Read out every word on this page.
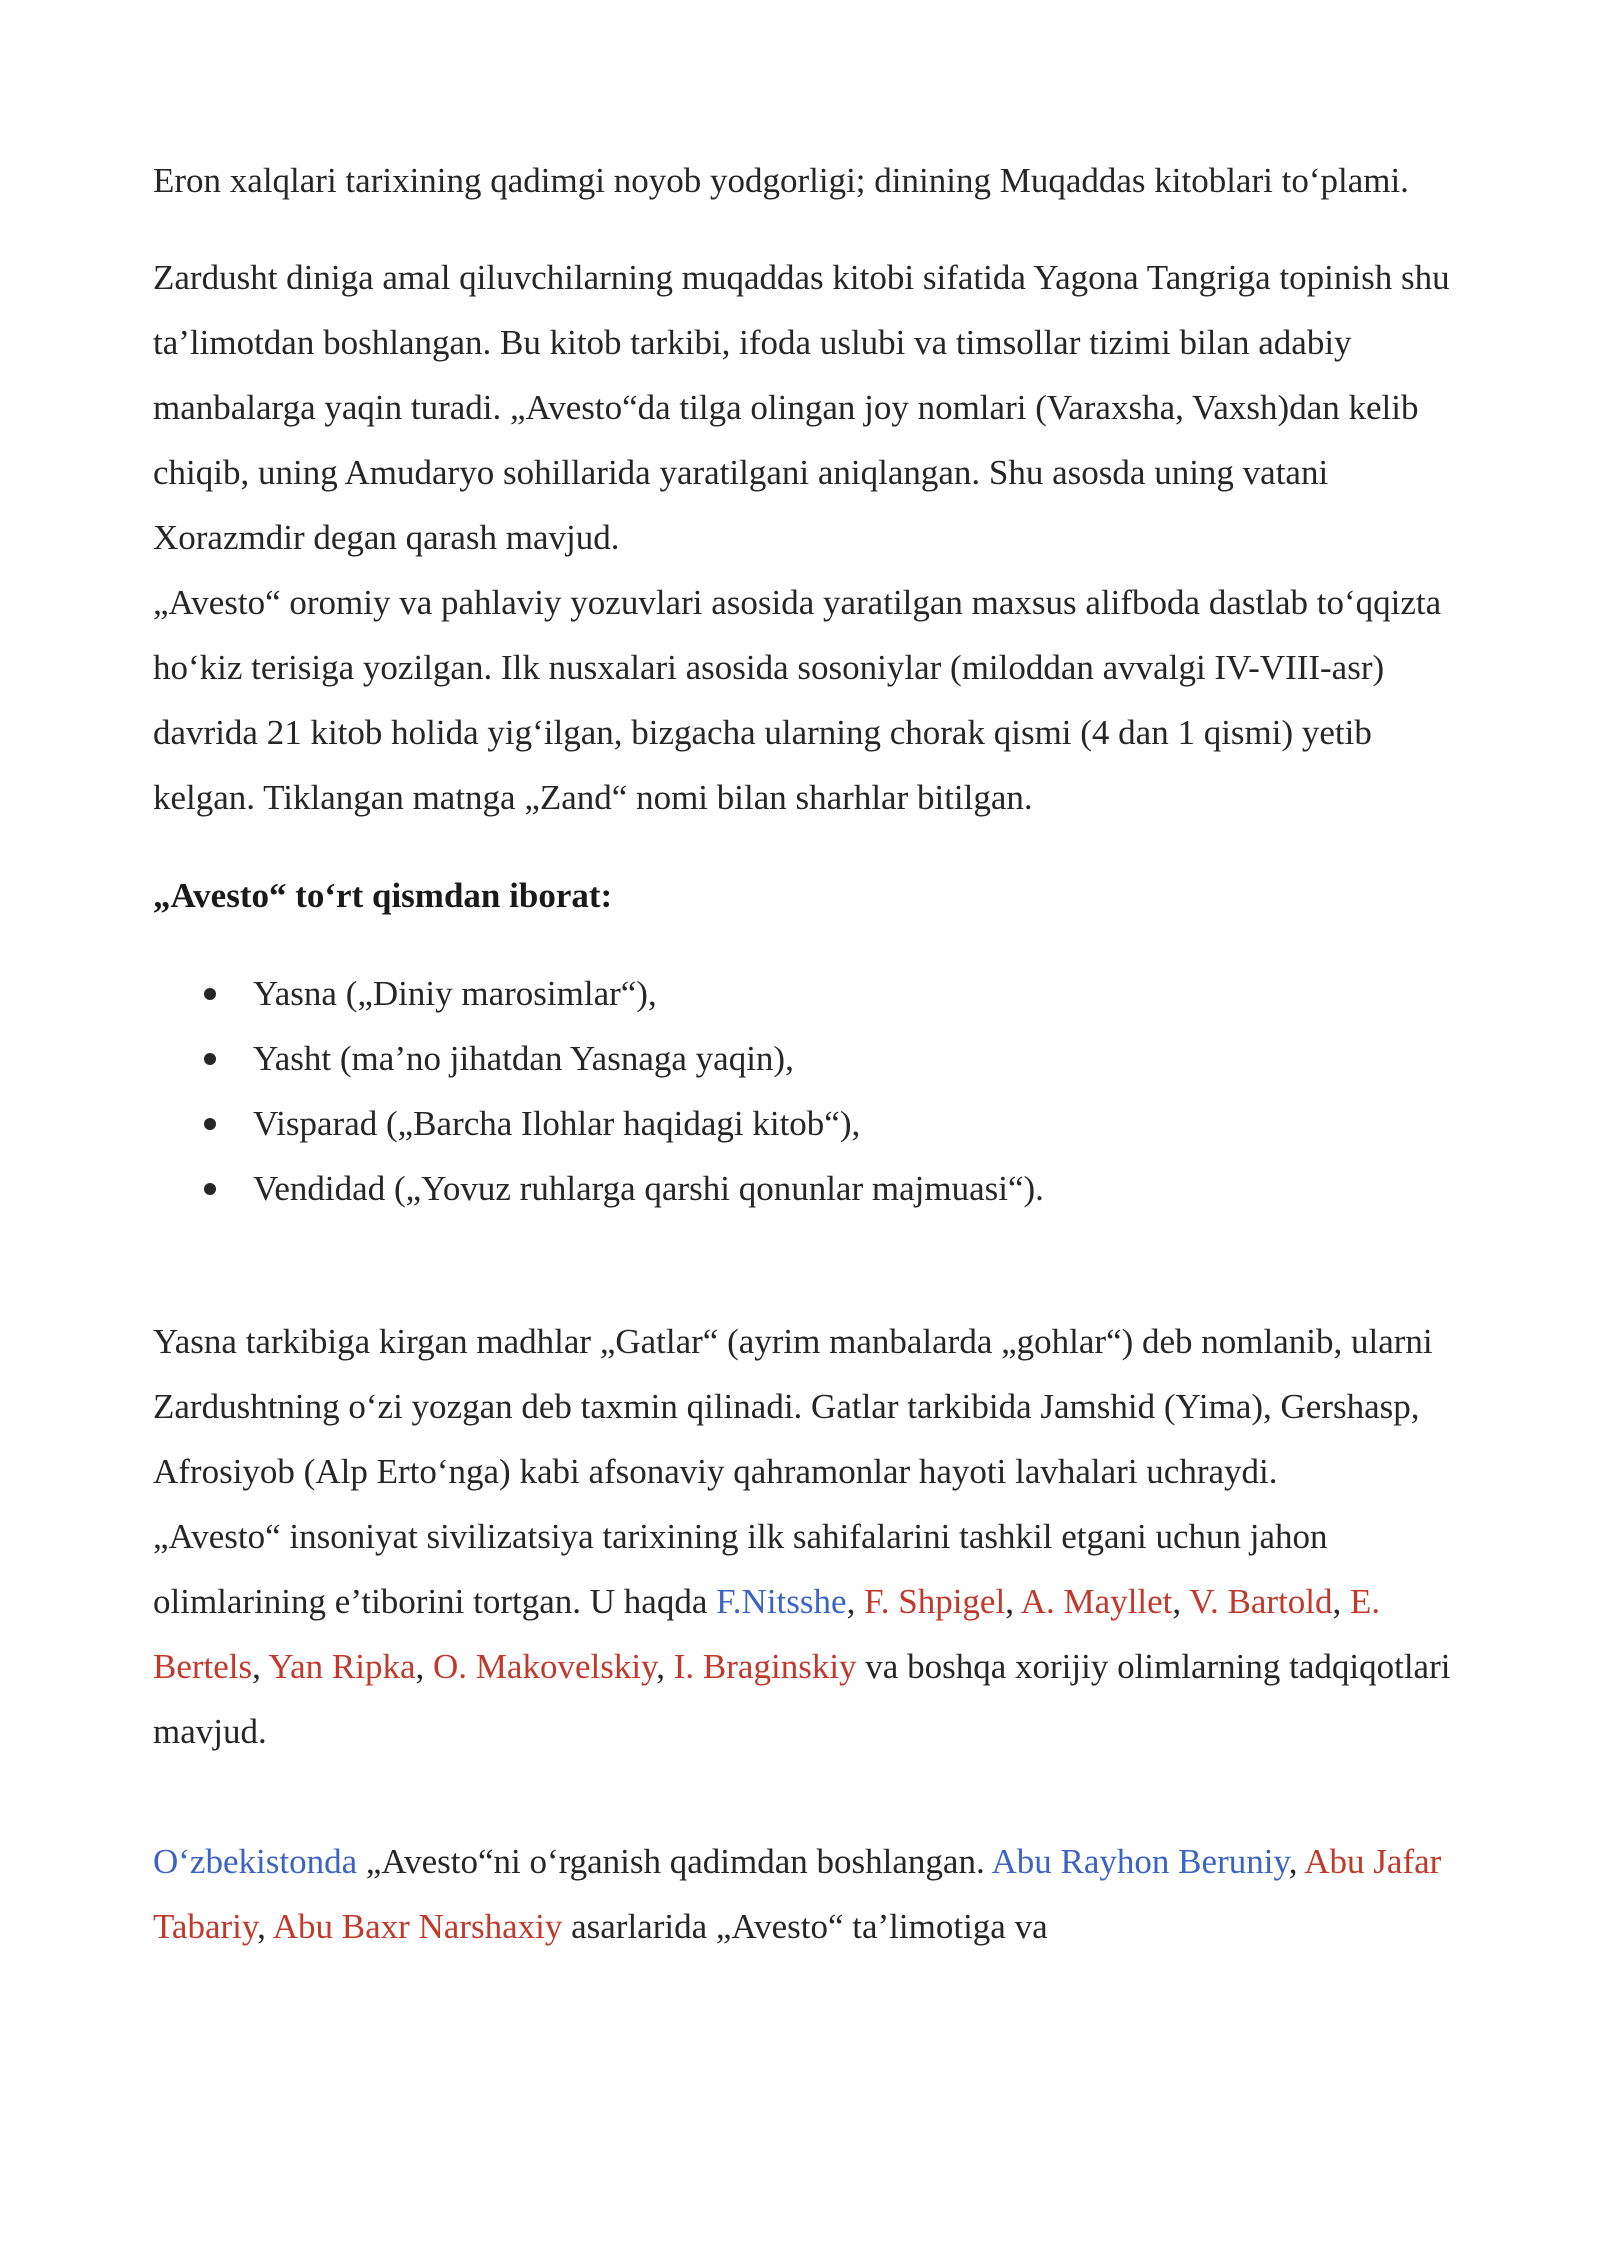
Eron xalqlari tarixining qadimgi noyob yodgorligi; dinining Muqaddas kitoblari to‘plami.

Zardusht diniga amal qiluvchilarning muqaddas kitobi sifatida Yagona Tangriga topinish shu ta’limotdan boshlangan. Bu kitob tarkibi, ifoda uslubi va timsollar tizimi bilan adabiy manbalarga yaqin turadi. „Avesto“da tilga olingan joy nomlari (Varaxsha, Vaxsh)dan kelib chiqib, uning Amudaryo sohillarida yaratilgani aniqlangan. Shu asosda uning vatani Xorazmdir degan qarash mavjud.

„Avesto“ oromiy va pahlaviy yozuvlari asosida yaratilgan maxsus alifboda dastlab to‘qqizta ho‘kiz terisiga yozilgan. Ilk nusxalari asosida sosoniylar (miloddan avvalgi IV-VIII-asr) davrida 21 kitob holida yig‘ilgan, bizgacha ularning chorak qismi (4 dan 1 qismi) yetib kelgan. Tiklangan matnga „Zand“ nomi bilan sharhlar bitilgan.

„Avesto“ to‘rt qismdan iborat:

Yasna („Diniy marosimlar“),
Yasht (ma’no jihatdan Yasnaga yaqin),
Visparad („Barcha Ilohlar haqidagi kitob“),
Vendidad („Yovuz ruhlarga qarshi qonunlar majmuasi“).

Yasna tarkibiga kirgan madhlar „Gatlar“ (ayrim manbalarda „gohlar“) deb nomlanib, ularni Zardushtning o‘zi yozgan deb taxmin qilinadi. Gatlar tarkibida Jamshid (Yima), Gershasp, Afrosiyob (Alp Erto‘nga) kabi afsonaviy qahramonlar hayoti lavhalari uchraydi.

„Avesto“ insoniyat sivilizatsiya tarixining ilk sahifalarini tashkil etgani uchun jahon olimlarining e’tiborini tortgan. U haqda F.Nitsshe, F. Shpigel, A. Mayllet, V. Bartold, E. Bertels, Yan Ripka, O. Makovelskiy, I. Braginskiy va boshqa xorijiy olimlarning tadqiqotlari mavjud.

O‘zbekistonda „Avesto“ni o‘rganish qadimdan boshlangan. Abu Rayhon Beruniy, Abu Jafar Tabariy, Abu Baxr Narshaxiy asarlarida „Avesto“ ta’limotiga va
